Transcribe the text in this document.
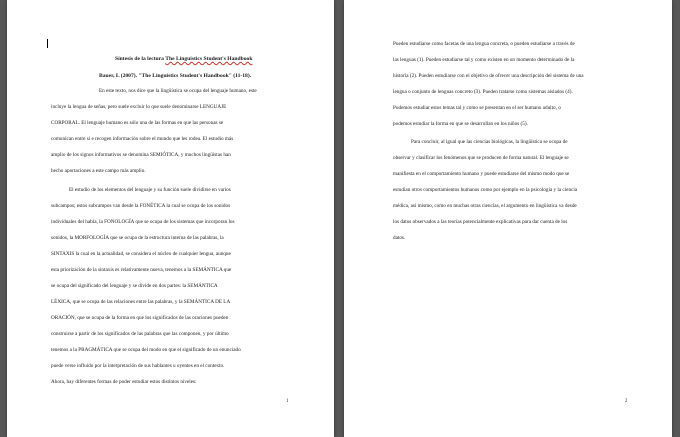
Síntesis de la lectura The Linguistics Student's Handbook
Bauer, L (2007). "The Linguistics Student's Handbook" (11-18).
En este texto, nos dice que la lingüística se ocupa del lenguaje humano, este
incluye la lengua de señas, pero suele excluir lo que suele denominarse LENGUAJE
CORPORAL. El lenguaje humano es sólo una de las formas en que las personas se
comunican entre sí e recogen información sobre el mundo que les rodea. El estudio más
amplio de los signos informativos se denomina SEMIÓTICA, y muchos lingüistas han
hecho aportaciones a este campo más amplio.
El estudio de los elementos del lenguaje y su función suele dividirse en varios
subcampos; estos subcampos van desde la FONÉTICA la cual se ocupa de los sonidos
individuales del habla, la FONOLOGÍA que se ocupa de los sistemas que incorporan los
sonidos, la MORFOLOGÍA que se ocupa de la estructura interna de las palabras, la
SINTAXIS la cual en la actualidad, se considera el núcleo de cualquier lengua, aunque
esta priorización de la sintaxis es relativamente nueva, tenemos a la SEMÁNTICA que
se ocupa del significado del lenguaje y se divide en dos partes: la SEMÁNTICA
LÉXICA, que se ocupa de las relaciones entre las palabras, y la SEMÁNTICA DE LA
ORACIÓN, que se ocupa de la forma en que los significados de las oraciones pueden
construirse a partir de los significados de las palabras que las componen, y por último
tenemos a la PRAGMÁTICA que se ocupa del modo en que el significado de un enunciado
puede verse influido por la interpretación de sus hablantes u oyentes en el contexto.
Ahora, hay diferentes formas de poder estudiar estos distintos niveles:
1
Pueden estudiarse como facetas de una lengua concreta, o pueden estudiarse a través de
las lenguas (1). Pueden estudiarse tal y como existen en un momento determinado de la
historia (2). Pueden estudiarse con el objetivo de ofrecer una descripción del sistema de una
lengua o conjunto de lenguas concreto (3). Pueden tratarse como sistemas aislados (4).
Podemos estudiar estos temas tal y como se presentan en el ser humano adulto, o
podemos estudiar la forma en que se desarrollan en los niños (5).
Para concluir, al igual que las ciencias biológicas, la lingüística se ocupa de
observar y clasificar los fenómenos que se producen de forma natural. El lenguaje se
manifiesta en el comportamiento humano y puede estudiarse del mismo modo que se
estudian otros comportamientos humanos como por ejemplo en la psicología y la ciencia
médica, así mismo, como en muchas otras ciencias, el argumento en lingüística va desde
los datos observados a las teorías potencialmente explicativas para dar cuenta de los
datos.
2
